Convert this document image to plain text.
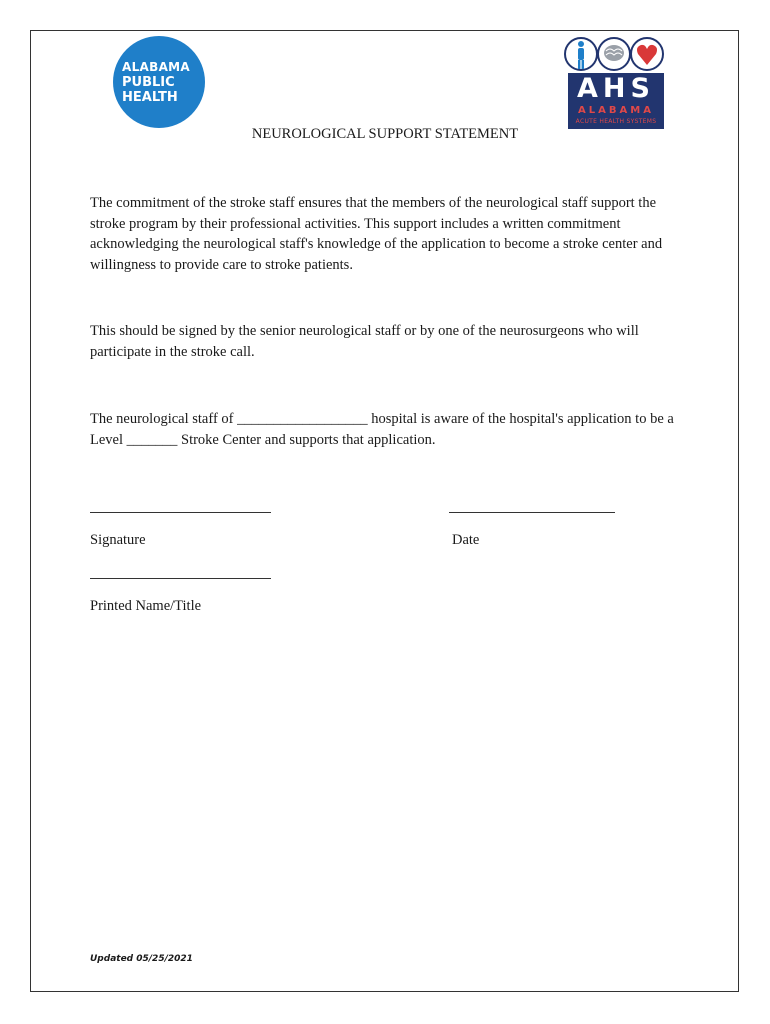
ALABAMA
PUBLIC
HEALTH	AHS
ALABAMA
ACUTE HEALTH SYSTEMS
NEUROLOGICAL SUPPORT STATEMENT

The commitment of the stroke staff ensures that the members of the neurological staff support the stroke program by their professional activities. This support includes a written commitment acknowledging the neurological staff's knowledge of the application to become a stroke center and willingness to provide care to stroke patients.

This should be signed by the senior neurological staff or by one of the neurosurgeons who will participate in the stroke call.

The neurological staff of __________________ hospital is aware of the hospital's application to be a Level _______ Stroke Center and supports that application.

Signature	Date
Printed Name/Title
Updated 05/25/2021
